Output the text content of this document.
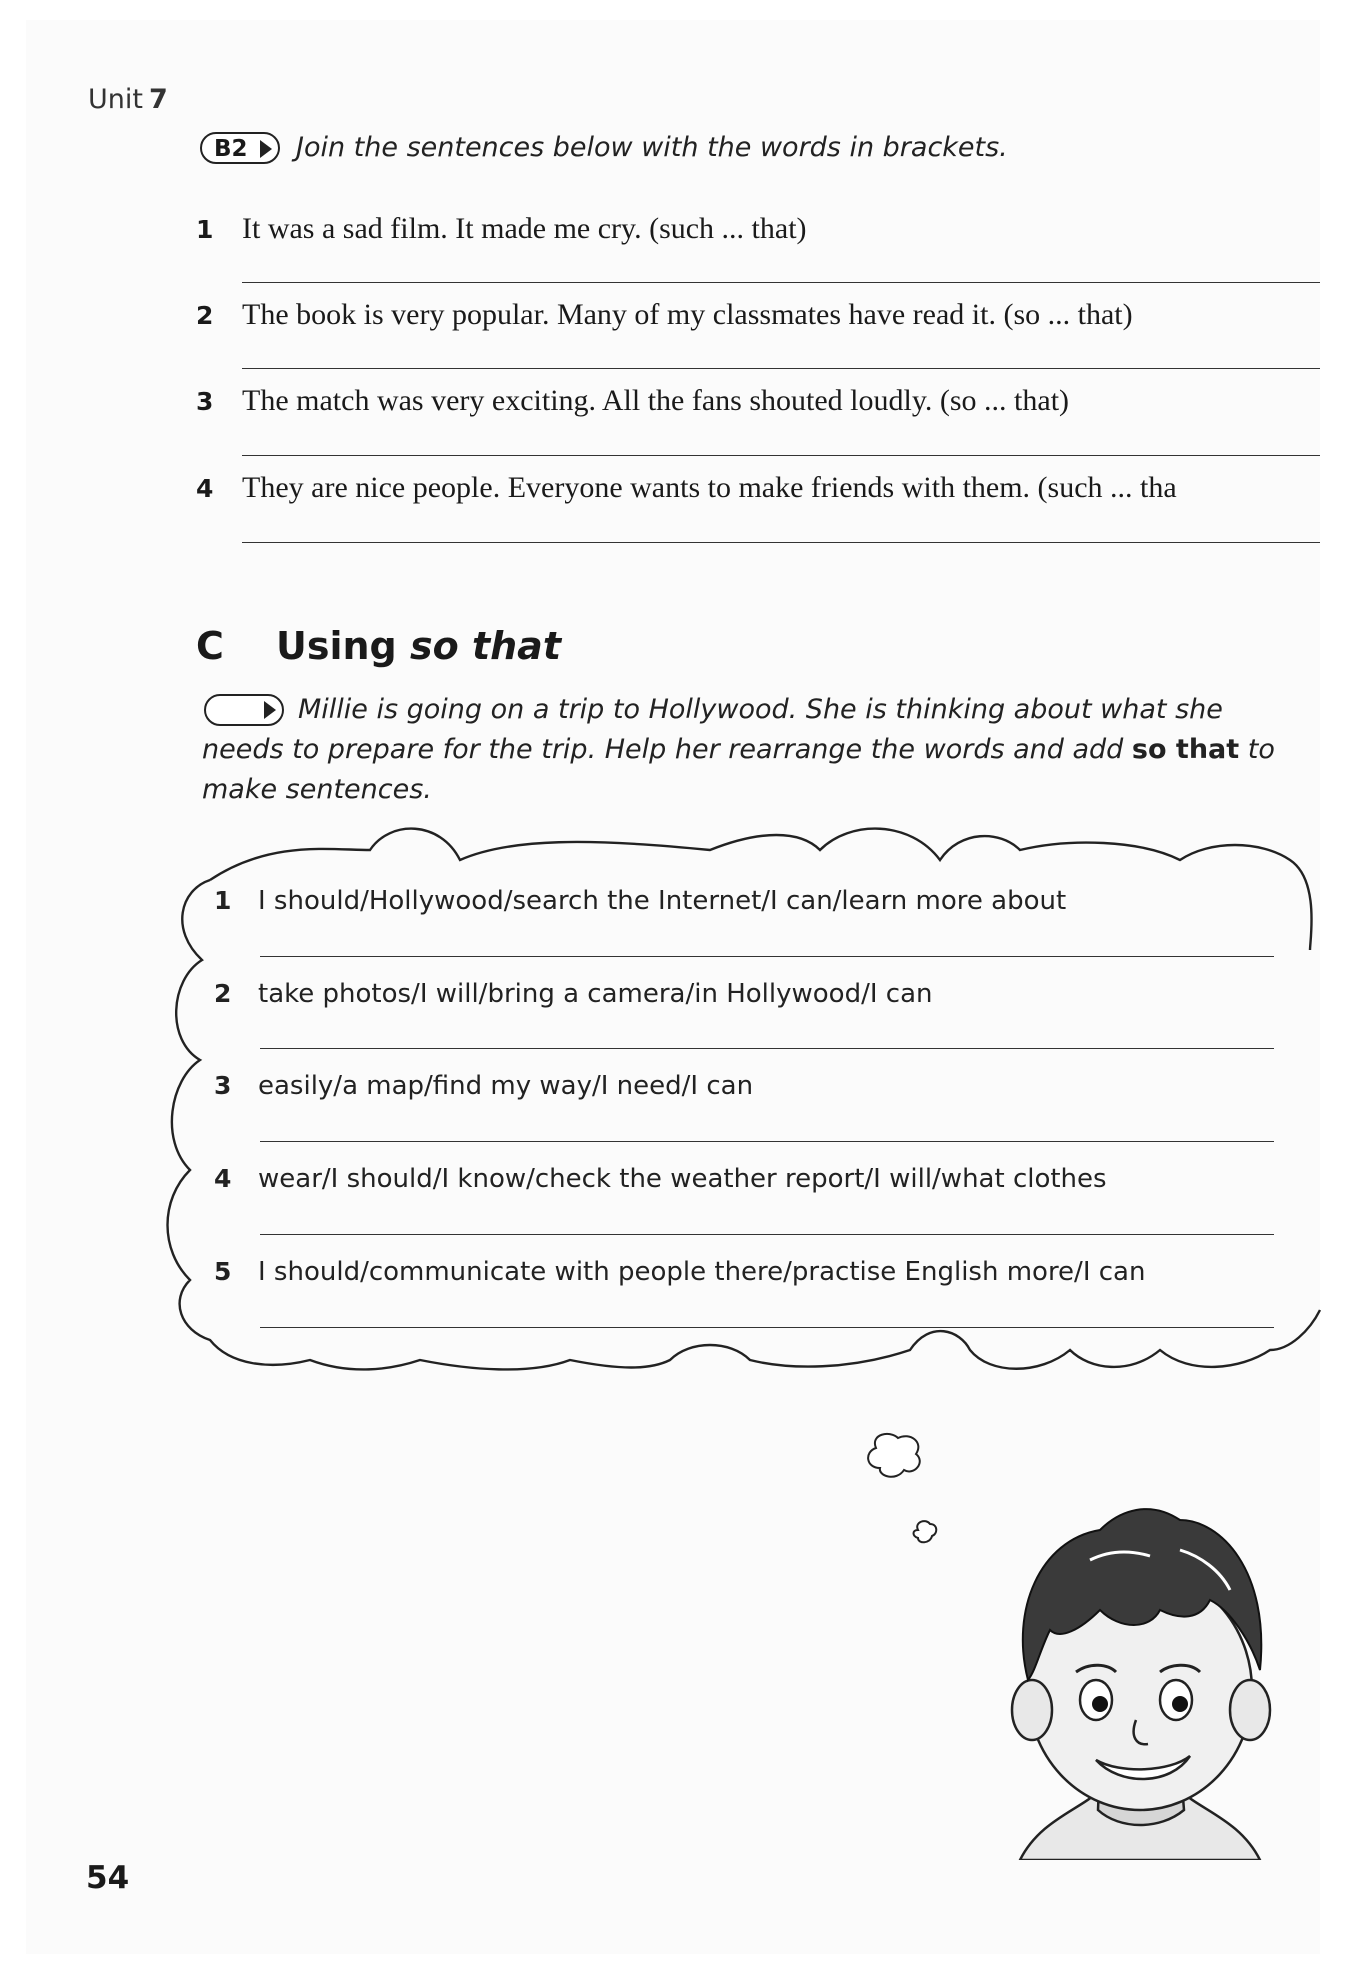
Unit 7
B2	Join the sentences below with the words in brackets.
1 It was a sad film. It made me cry. (such ... that)
2 The book is very popular. Many of my classmates have read it. (so ... that)
3 The match was very exciting. All the fans shouted loudly. (so ... that)
4 They are nice people. Everyone wants to make friends with them. (such ... tha
C Using so that
Millie is going on a trip to Hollywood. She is thinking about what she needs to prepare for the trip. Help her rearrange the words and add so that to make sentences.
1 I should/Hollywood/search the Internet/I can/learn more about
2 take photos/I will/bring a camera/in Hollywood/I can
3 easily/a map/find my way/I need/I can
4 wear/I should/I know/check the weather report/I will/what clothes
5 I should/communicate with people there/practise English more/I can
54
